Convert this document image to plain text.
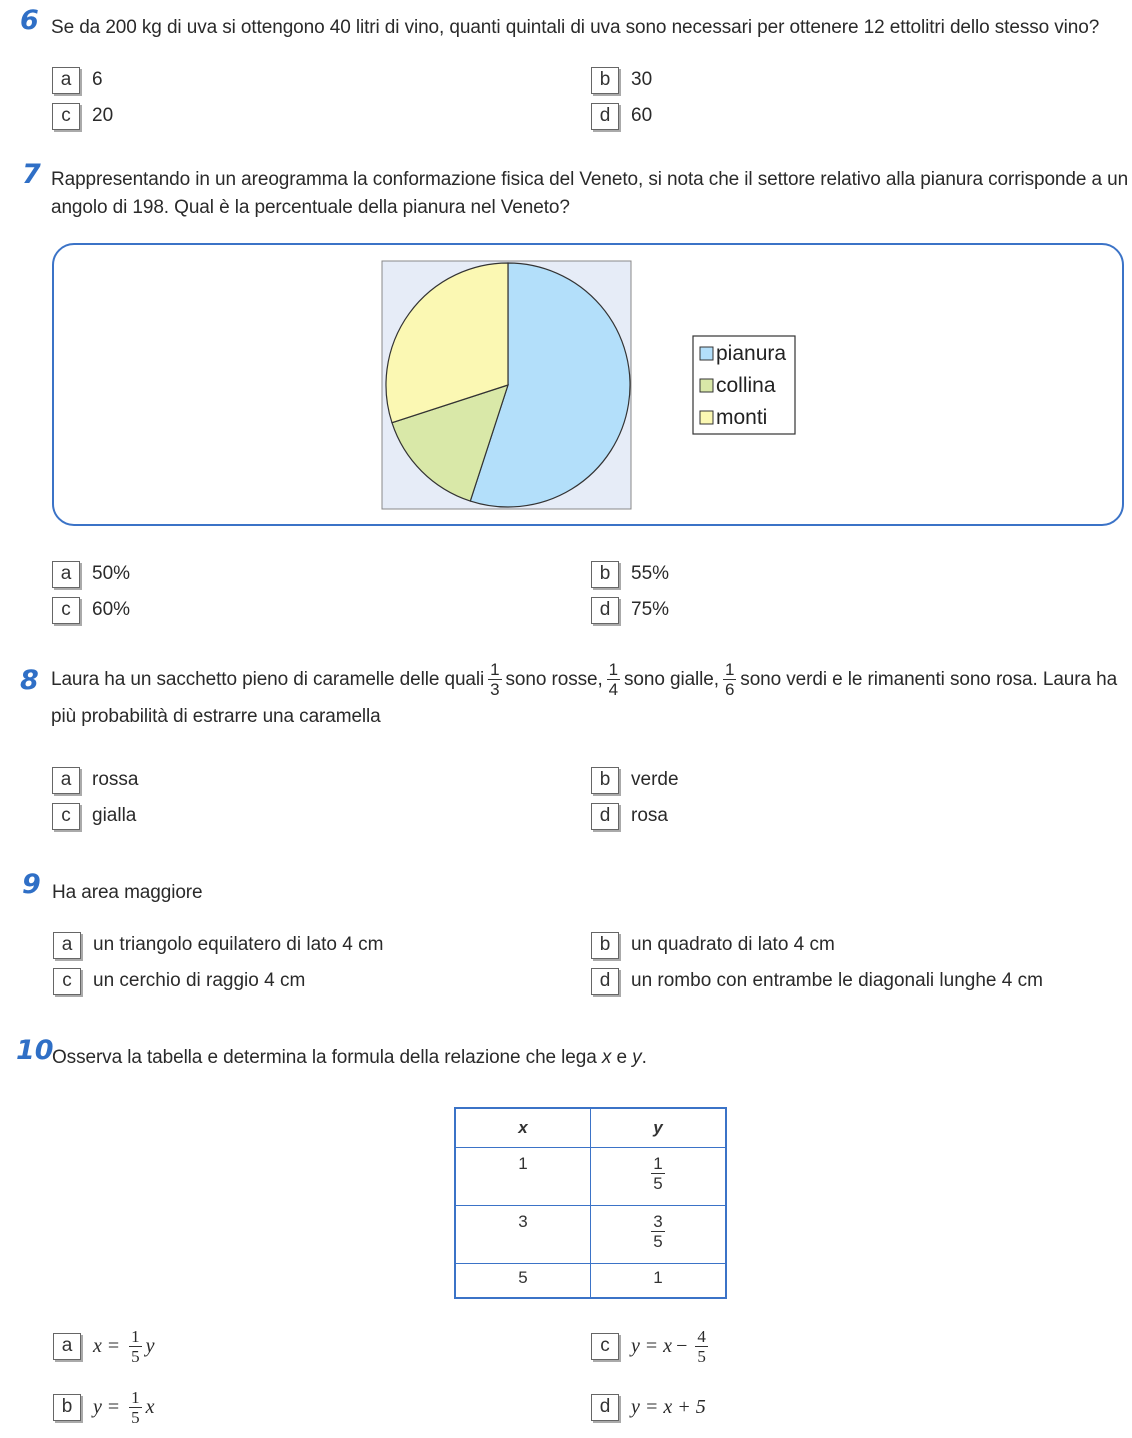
6 Se da 200 kg di uva si ottengono 40 litri di vino, quanti quintali di uva sono necessari per ottenere 12 ettolitri dello stesso vino?
a	6	b	30
c	20	d	60
7 Rappresentando in un areogramma la conformazione fisica del Veneto, si nota che il settore relativo alla pianura corrisponde a un
angolo di 198. Qual è la percentuale della pianura nel Veneto?
pianura
collina
monti
a	50%	b	55%
c	60%	d	75%
8 Laura ha un sacchetto pieno di caramelle delle quali $\frac{1}{3}$ sono rosse, $\frac{1}{4}$ sono gialle, $\frac{1}{6}$ sono verdi e le rimanenti sono rosa. Laura ha
più probabilità di estrarre una caramella
a	rossa	b	verde
c	gialla	d	rosa
9 Ha area maggiore
a	un triangolo equilatero di lato 4 cm	b	un quadrato di lato 4 cm
c	un cerchio di raggio 4 cm	d	un rombo con entrambe le diagonali lunghe 4 cm
10
Osserva la tabella e determina la formula della relazione che lega x e y.
x	y
1	$\frac{1}{5}$

3	$\frac{3}{5}$

5	1
a	$x = \frac{1}{5}$ y	c	$y = x - \frac{4}{5}$
b	$y = \frac{1}{5}$ x	d	y = x + 5
